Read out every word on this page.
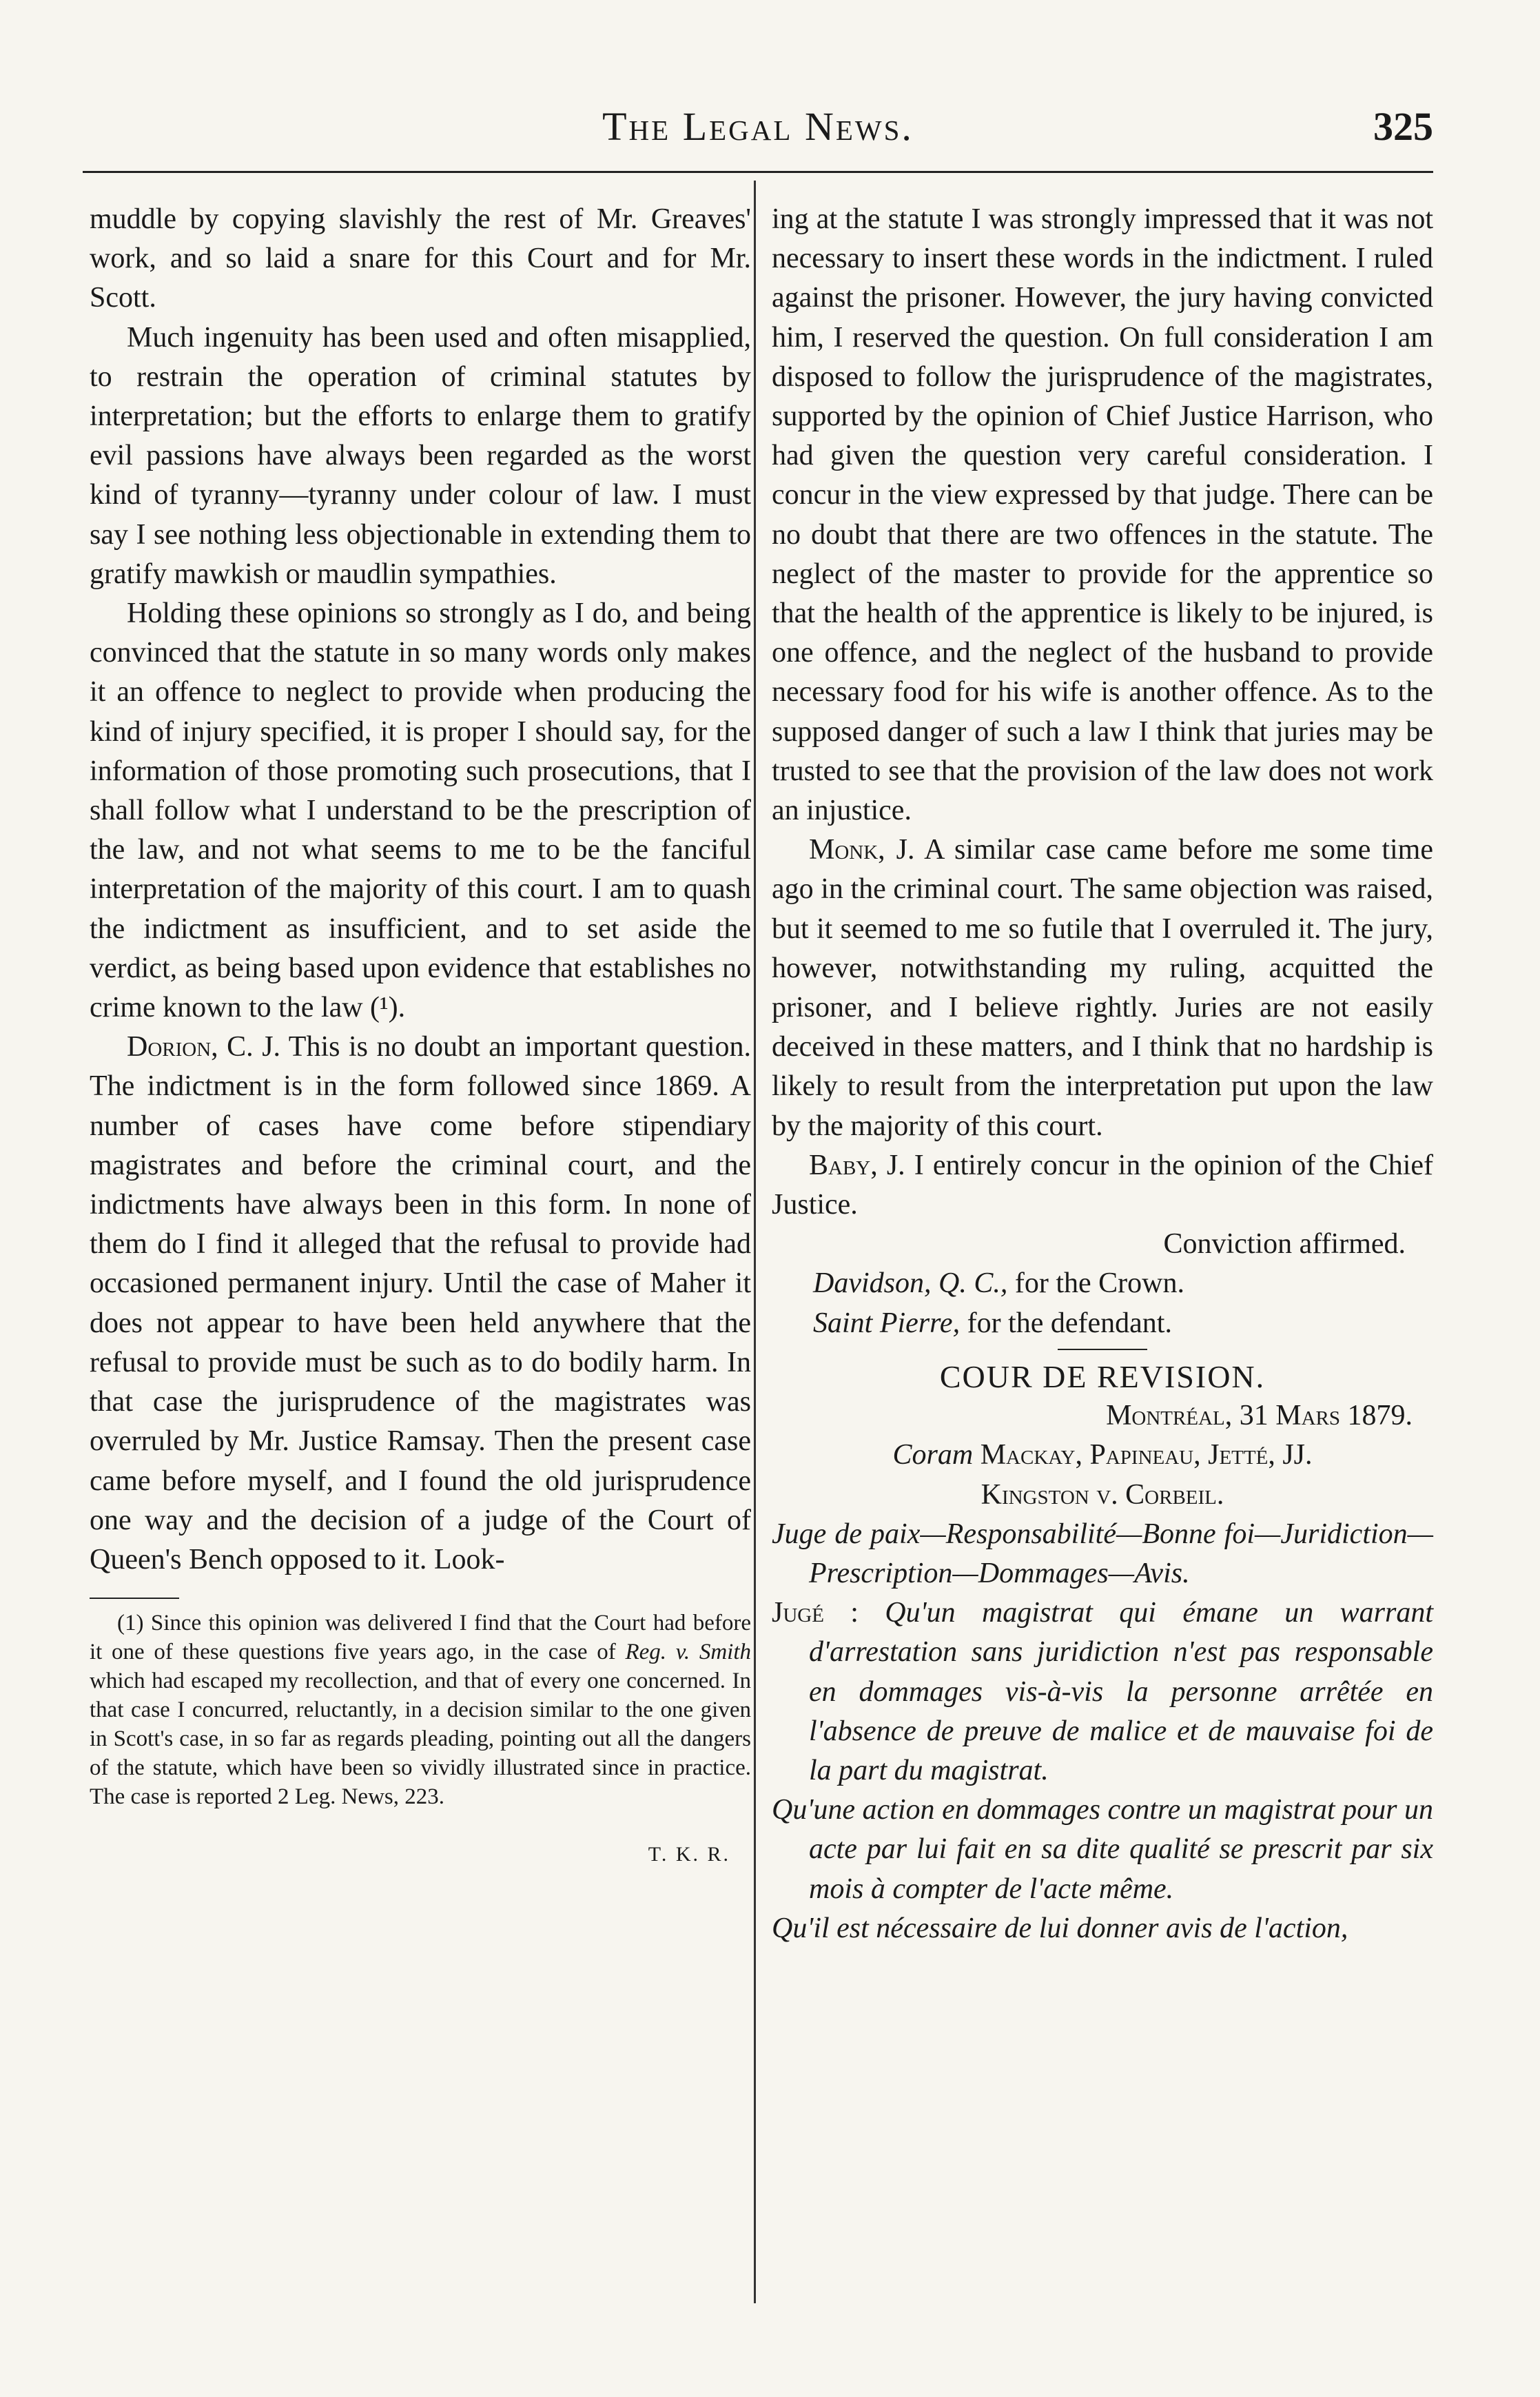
The Legal News.	325

muddle by copying slavishly the rest of Mr. Greaves' work, and so laid a snare for this Court and for Mr. Scott.

Much ingenuity has been used and often misapplied, to restrain the operation of criminal statutes by interpretation; but the efforts to enlarge them to gratify evil passions have always been regarded as the worst kind of tyranny—tyranny under colour of law. I must say I see nothing less objectionable in extending them to gratify mawkish or maudlin sympathies.

Holding these opinions so strongly as I do, and being convinced that the statute in so many words only makes it an offence to neglect to provide when producing the kind of injury specified, it is proper I should say, for the information of those promoting such prosecutions, that I shall follow what I understand to be the prescription of the law, and not what seems to me to be the fanciful interpretation of the majority of this court. I am to quash the indictment as insufficient, and to set aside the verdict, as being based upon evidence that establishes no crime known to the law (¹).

Dorion, C. J. This is no doubt an important question. The indictment is in the form followed since 1869. A number of cases have come before stipendiary magistrates and before the criminal court, and the indictments have always been in this form. In none of them do I find it alleged that the refusal to provide had occasioned permanent injury. Until the case of Maher it does not appear to have been held anywhere that the refusal to provide must be such as to do bodily harm. In that case the jurisprudence of the magistrates was overruled by Mr. Justice Ramsay. Then the present case came before myself, and I found the old jurisprudence one way and the decision of a judge of the Court of Queen's Bench opposed to it. Look-

(1) Since this opinion was delivered I find that the Court had before it one of these questions five years ago, in the case of Reg. v. Smith which had escaped my recollection, and that of every one concerned. In that case I concurred, reluctantly, in a decision similar to the one given in Scott's case, in so far as regards pleading, pointing out all the dangers of the statute, which have been so vividly illustrated since in practice. The case is reported 2 Leg. News, 223.

T. K. R.

ing at the statute I was strongly impressed that it was not necessary to insert these words in the indictment. I ruled against the prisoner. However, the jury having convicted him, I reserved the question. On full consideration I am disposed to follow the jurisprudence of the magistrates, supported by the opinion of Chief Justice Harrison, who had given the question very careful consideration. I concur in the view expressed by that judge. There can be no doubt that there are two offences in the statute. The neglect of the master to provide for the apprentice so that the health of the apprentice is likely to be injured, is one offence, and the neglect of the husband to provide necessary food for his wife is another offence. As to the supposed danger of such a law I think that juries may be trusted to see that the provision of the law does not work an injustice.

Monk, J. A similar case came before me some time ago in the criminal court. The same objection was raised, but it seemed to me so futile that I overruled it. The jury, however, notwithstanding my ruling, acquitted the prisoner, and I believe rightly. Juries are not easily deceived in these matters, and I think that no hardship is likely to result from the interpretation put upon the law by the majority of this court.

Baby, J. I entirely concur in the opinion of the Chief Justice.

Conviction affirmed.

Davidson, Q. C., for the Crown.

Saint Pierre, for the defendant.

COUR DE REVISION.

Montréal, 31 Mars 1879.

Coram Mackay, Papineau, Jetté, JJ.

Kingston v. Corbeil.

Juge de paix—Responsabilité—Bonne foi—Juridiction—Prescription—Dommages—Avis.

Jugé : Qu'un magistrat qui émane un warrant d'arrestation sans juridiction n'est pas responsable en dommages vis-à-vis la personne arrêtée en l'absence de preuve de malice et de mauvaise foi de la part du magistrat.

Qu'une action en dommages contre un magistrat pour un acte par lui fait en sa dite qualité se prescrit par six mois à compter de l'acte même.

Qu'il est nécessaire de lui donner avis de l'action,
